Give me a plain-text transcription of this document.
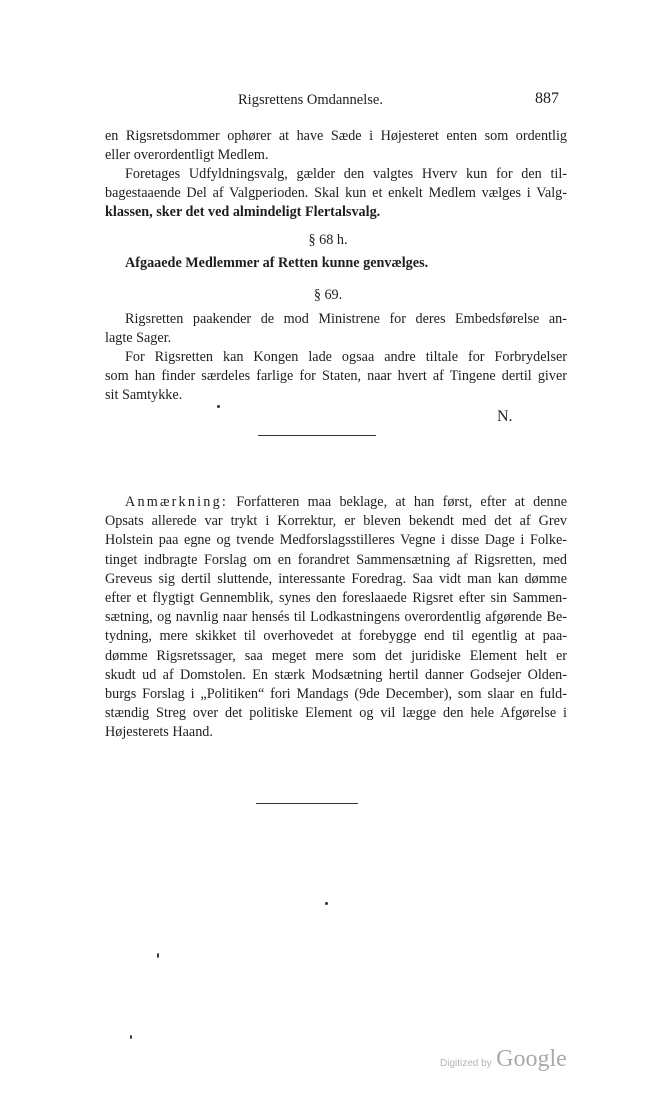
Rigsrettens Omdannelse.	887
en Rigsretsdommer ophører at have Sæde i Højesteret enten som ordentlig
eller overordentligt Medlem.
Foretages Udfyldningsvalg, gælder den valgtes Hverv kun for den til-
bagestaaende Del af Valgperioden. Skal kun et enkelt Medlem vælges i Valg-
klassen, sker det ved almindeligt Flertalsvalg.
§ 68 h.
Afgaaede Medlemmer af Retten kunne genvælges.
§ 69.
Rigsretten paakender de mod Ministrene for deres Embedsførelse an-
lagte Sager.
For Rigsretten kan Kongen lade ogsaa andre tiltale for Forbrydelser
som han finder særdeles farlige for Staten, naar hvert af Tingene dertil giver
sit Samtykke.
N.
Anmærkning: Forfatteren maa beklage, at han først, efter at denne
Opsats allerede var trykt i Korrektur, er bleven bekendt med det af Grev
Holstein paa egne og tvende Medforslagsstilleres Vegne i disse Dage i Folke-
tinget indbragte Forslag om en forandret Sammensætning af Rigsretten, med
Greveus sig dertil sluttende, interessante Foredrag. Saa vidt man kan dømme
efter et flygtigt Gennemblik, synes den foreslaaede Rigsret efter sin Sammen-
sætning, og navnlig naar hensés til Lodkastningens overordentlig afgørende Be-
tydning, mere skikket til overhovedet at forebygge end til egentlig at paa-
dømme Rigsretssager, saa meget mere som det juridiske Element helt er
skudt ud af Domstolen. En stærk Modsætning hertil danner Godsejer Olden-
burgs Forslag i „Politiken“ fori Mandags (9de December), som slaar en fuld-
stændig Streg over det politiske Element og vil lægge den hele Afgørelse i
Højesterets Haand.
Digitized by Google
